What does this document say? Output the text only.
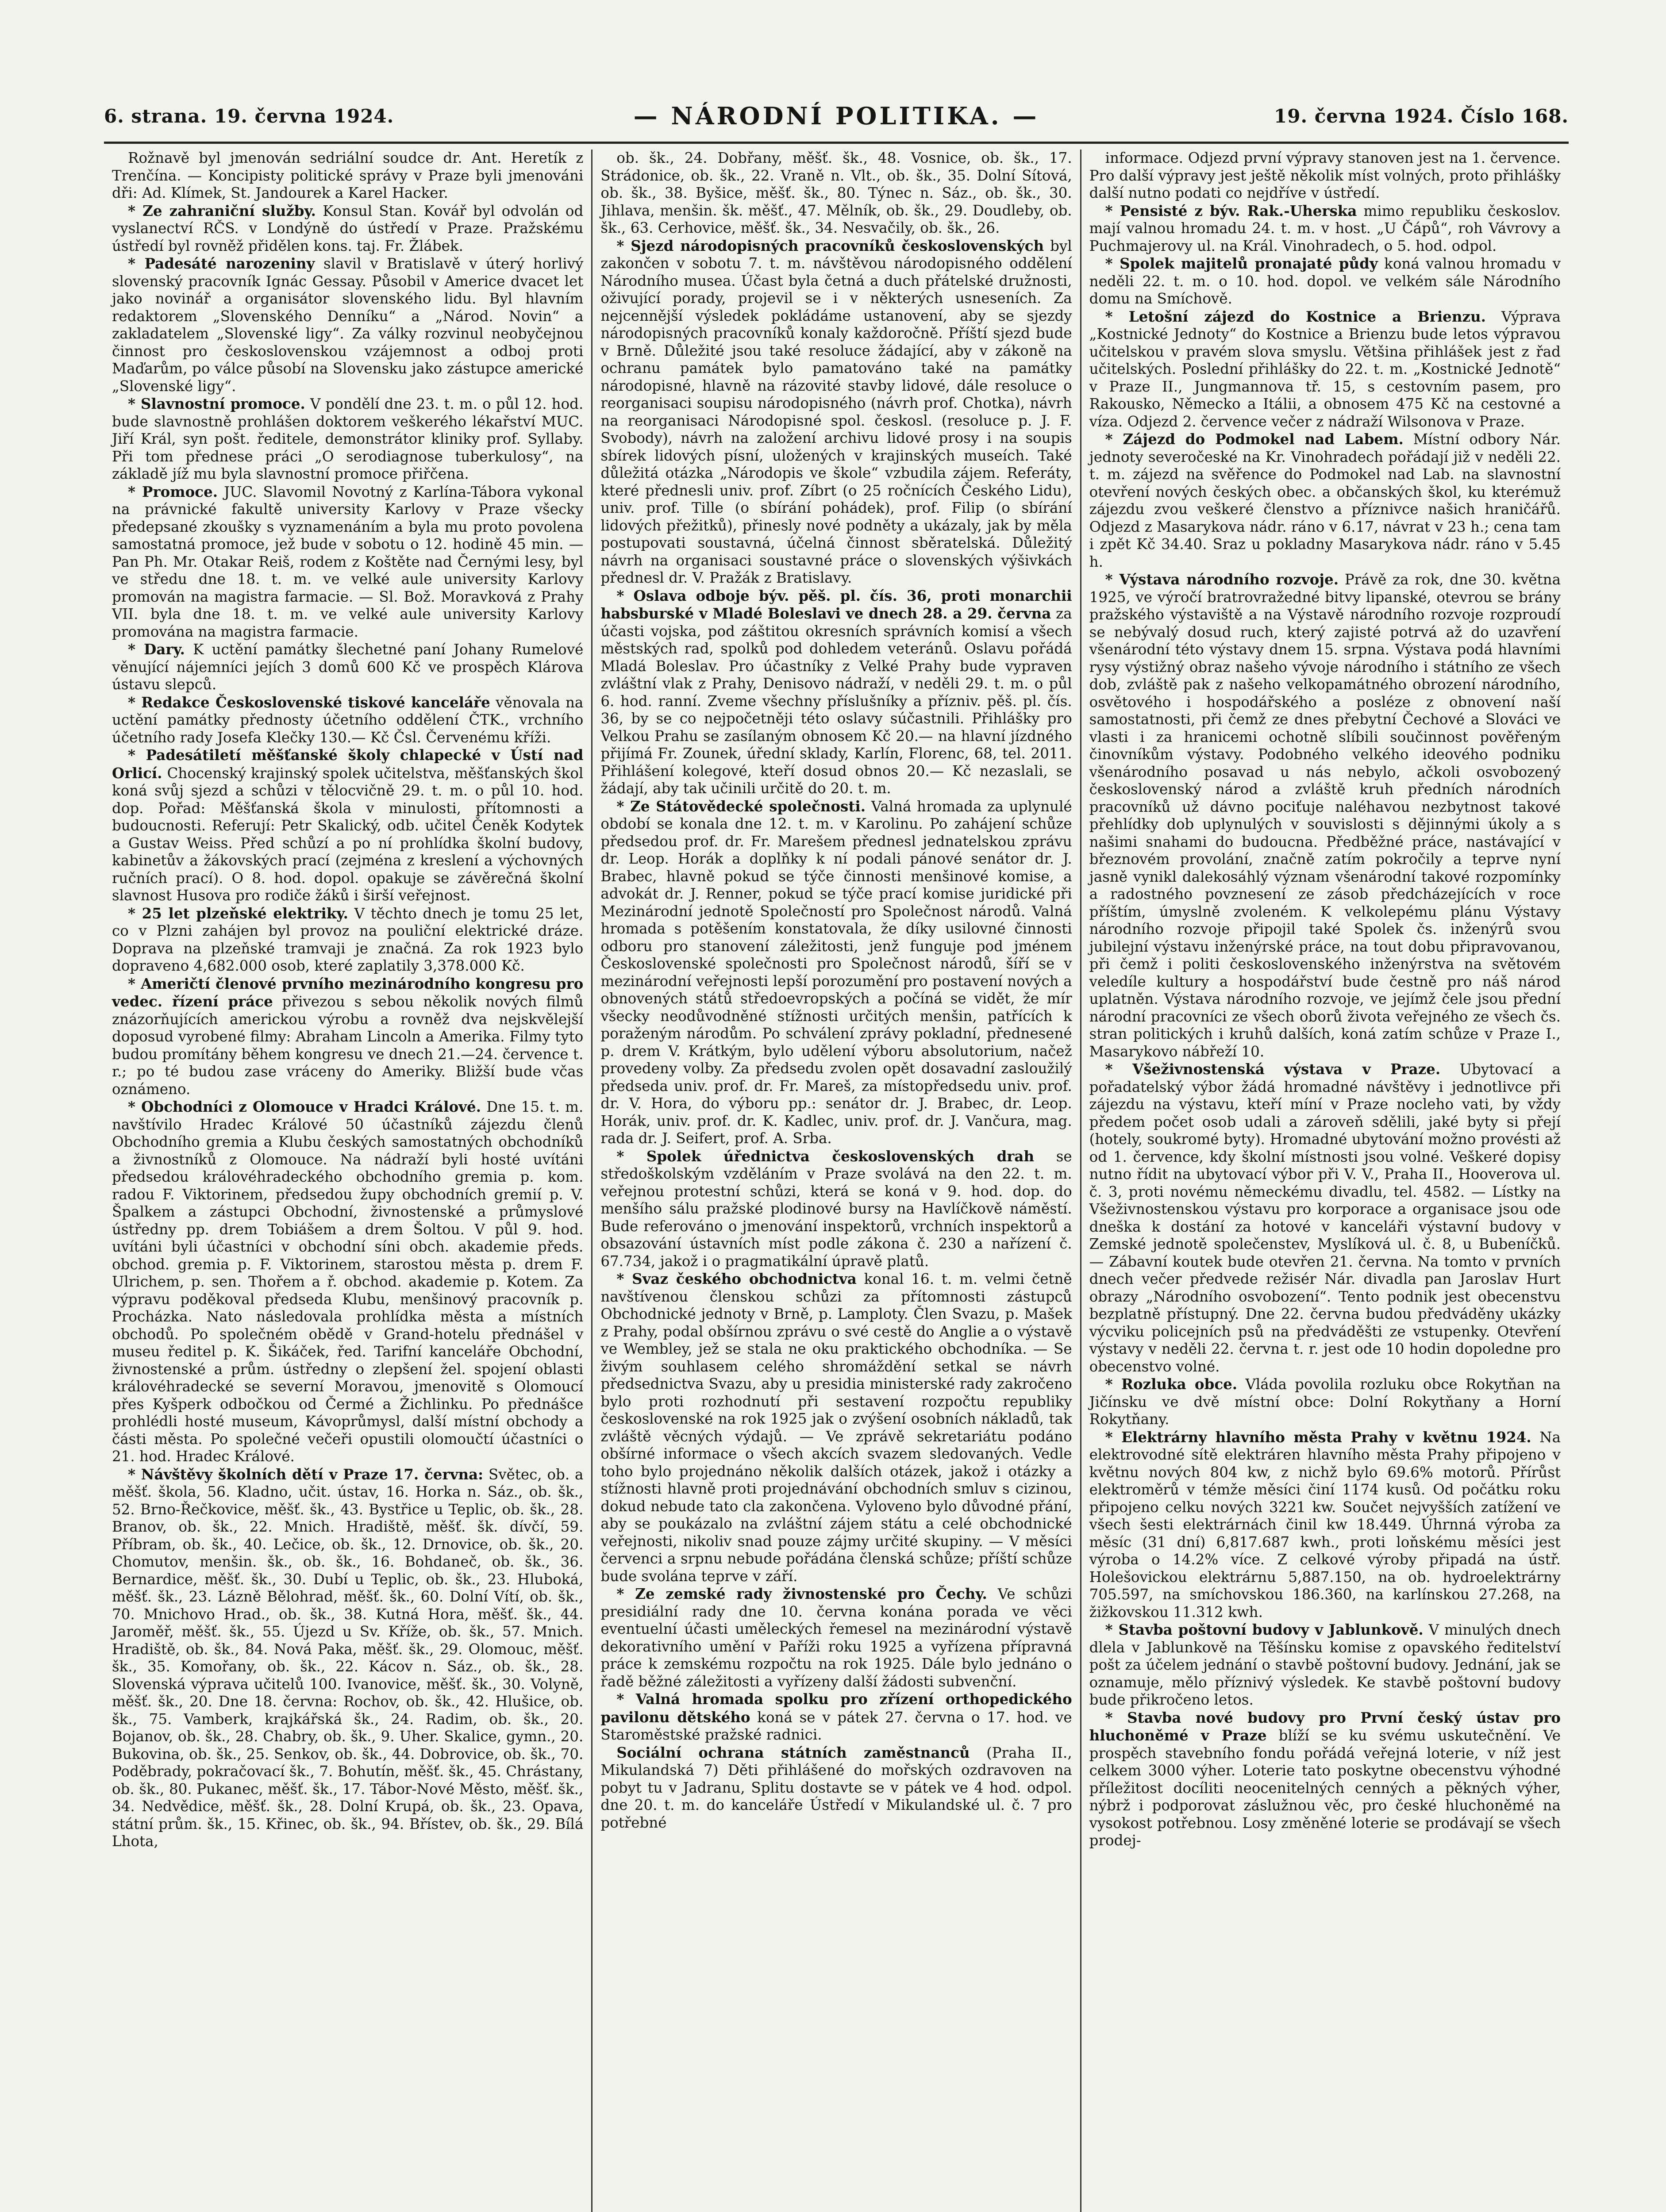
6. strana. 19. června 1924.	— NÁRODNÍ POLITIKA. —	19. června 1924. Číslo 168.

Rožnavě byl jmenován sedriální soudce dr. Ant. Heretík z Trenčína. — Koncipisty politické správy v Praze byli jmenováni dři: Ad. Klímek, St. Jandourek a Karel Hacker.

* Ze zahraniční služby. Konsul Stan. Kovář byl odvolán od vyslanectví RČS. v Londýně do ústředí v Praze. Pražskému ústředí byl rovněž přidělen kons. taj. Fr. Žlábek.

* Padesáté narozeniny slavil v Bratislavě v úterý horlivý slovenský pracovník Ignác Gessay. Působil v Americe dvacet let jako novinář a organisátor slovenského lidu. Byl hlavním redaktorem „Slovenského Denníku“ a „Národ. Novin“ a zakladatelem „Slovenské ligy“. Za války rozvinul neobyčejnou činnost pro československou vzájemnost a odboj proti Maďarům, po válce působí na Slovensku jako zástupce americké „Slovenské ligy“.

* Slavnostní promoce. V pondělí dne 23. t. m. o půl 12. hod. bude slavnostně prohlášen doktorem veškerého lékařství MUC. Jiří Král, syn pošt. ředitele, demonstrátor kliniky prof. Syllaby. Při tom přednese práci „O serodiagnose tuberkulosy“, na základě jíž mu byla slavnostní promoce přiřčena.

* Promoce. JUC. Slavomil Novotný z Karlína-Tábora vykonal na právnické fakultě university Karlovy v Praze všecky předepsané zkoušky s vyznamenáním a byla mu proto povolena samostatná promoce, jež bude v sobotu o 12. hodině 45 min. — Pan Ph. Mr. Otakar Reiš, rodem z Koštěte nad Černými lesy, byl ve středu dne 18. t. m. ve velké aule university Karlovy promován na magistra farmacie. — Sl. Bož. Moravková z Prahy VII. byla dne 18. t. m. ve velké aule university Karlovy promována na magistra farmacie.

* Dary. K uctění památky šlechetné paní Johany Rumelové věnující nájemníci jejích 3 domů 600 Kč ve prospěch Klárova ústavu slepců.

* Redakce Československé tiskové kanceláře věnovala na uctění památky přednosty účetního oddělení ČTK., vrchního účetního rady Josefa Klečky 130.— Kč Čsl. Červenému kříži.

* Padesátiletí měšťanské školy chlapecké v Ústí nad Orlicí. Chocenský krajinský spolek učitelstva, měšťanských škol koná svůj sjezd a schůzi v tělocvičně 29. t. m. o půl 10. hod. dop. Pořad: Měšťanská škola v minulosti, přítomnosti a budoucnosti. Referují: Petr Skalický, odb. učitel Čeněk Kodytek a Gustav Weiss. Před schůzí a po ní prohlídka školní budovy, kabinetův a žákovských prací (zejména z kreslení a výchovných ručních prací). O 8. hod. dopol. opakuje se závěrečná školní slavnost Husova pro rodiče žáků i širší veřejnost.

* 25 let plzeňské elektriky. V těchto dnech je tomu 25 let, co v Plzni zahájen byl provoz na pouliční elektrické dráze. Doprava na plzeňské tramvaji je značná. Za rok 1923 bylo dopraveno 4,682.000 osob, které zaplatily 3,378.000 Kč.

* Američtí členové prvního mezinárodního kongresu pro vedec. řízení práce přivezou s sebou několik nových filmů znázorňujících americkou výrobu a rovněž dva nejskvělejší doposud vyrobené filmy: Abraham Lincoln a Amerika. Filmy tyto budou promítány během kongresu ve dnech 21.—24. července t. r.; po té budou zase vráceny do Ameriky. Bližší bude včas oznámeno.

* Obchodníci z Olomouce v Hradci Králové. Dne 15. t. m. navštívilo Hradec Králové 50 účastníků zájezdu členů Obchodního gremia a Klubu českých samostatných obchodníků a živnostníků z Olomouce. Na nádraží byli hosté uvítáni předsedou královéhradeckého obchodního gremia p. kom. radou F. Viktorinem, předsedou župy obchodních gremií p. V. Špalkem a zástupci Obchodní, živnostenské a průmyslové ústředny pp. drem Tobiášem a drem Šoltou. V půl 9. hod. uvítáni byli účastníci v obchodní síni obch. akademie předs. obchod. gremia p. F. Viktorinem, starostou města p. drem F. Ulrichem, p. sen. Thořem a ř. obchod. akademie p. Kotem. Za výpravu poděkoval předseda Klubu, menšinový pracovník p. Procházka. Nato následovala prohlídka města a místních obchodů. Po společném obědě v Grand-hotelu přednášel v museu ředitel p. K. Šikáček, řed. Tarifní kanceláře Obchodní, živnostenské a prům. ústředny o zlepšení žel. spojení oblasti královéhradecké se severní Moravou, jmenovitě s Olomoucí přes Kyšperk odbočkou od Čermé a Žichlinku. Po přednášce prohlédli hosté museum, Kávoprůmysl, další místní obchody a části města. Po společné večeři opustili olomoučtí účastníci o 21. hod. Hradec Králové.

* Návštěvy školních dětí v Praze 17. června: Světec, ob. a měšť. škola, 56. Kladno, učit. ústav, 16. Horka n. Sáz., ob. šk., 52. Brno-Řečkovice, měšť. šk., 43. Bystřice u Teplic, ob. šk., 28. Branov, ob. šk., 22. Mnich. Hradiště, měšť. šk. dívčí, 59. Příbram, ob. šk., 40. Lečice, ob. šk., 12. Drnovice, ob. šk., 20. Chomutov, menšin. šk., ob. šk., 16. Bohdaneč, ob. šk., 36. Bernardice, měšť. šk., 30. Dubí u Teplic, ob. šk., 23. Hluboká, měšť. šk., 23. Lázně Bělohrad, měšť. šk., 60. Dolní Vítí, ob. šk., 70. Mnichovo Hrad., ob. šk., 38. Kutná Hora, měšť. šk., 44. Jaroměř, měšť. šk., 55. Újezd u Sv. Kříže, ob. šk., 57. Mnich. Hradiště, ob. šk., 84. Nová Paka, měšť. šk., 29. Olomouc, měšť. šk., 35. Komořany, ob. šk., 22. Kácov n. Sáz., ob. šk., 28. Slovenská výprava učitelů 100. Ivanovice, měšť. šk., 30. Volyně, měšť. šk., 20. Dne 18. června: Rochov, ob. šk., 42. Hlušice, ob. šk., 75. Vamberk, krajkářská šk., 24. Radim, ob. šk., 20. Bojanov, ob. šk., 28. Chabry, ob. šk., 9. Uher. Skalice, gymn., 20. Bukovina, ob. šk., 25. Senkov, ob. šk., 44. Dobrovice, ob. šk., 70. Poděbrady, pokračovací šk., 7. Bohutín, měšť. šk., 45. Chrástany, ob. šk., 80. Pukanec, měšť. šk., 17. Tábor-Nové Město, měšť. šk., 34. Nedvědice, měšť. šk., 28. Dolní Krupá, ob. šk., 23. Opava, státní prům. šk., 15. Křinec, ob. šk., 94. Břístev, ob. šk., 29. Bílá Lhota,

ob. šk., 24. Dobřany, měšť. šk., 48. Vosnice, ob. šk., 17. Strádonice, ob. šk., 22. Vraně n. Vlt., ob. šk., 35. Dolní Sítová, ob. šk., 38. Byšice, měšť. šk., 80. Týnec n. Sáz., ob. šk., 30. Jihlava, menšin. šk. měšť., 47. Mělník, ob. šk., 29. Doudleby, ob. šk., 63. Cerhovice, měšť. šk., 34. Nesvačily, ob. šk., 26.

* Sjezd národopisných pracovníků československých byl zakončen v sobotu 7. t. m. návštěvou národopisného oddělení Národního musea. Účast byla četná a duch přátelské družnosti, oživující porady, projevil se i v některých usneseních. Za nejcennější výsledek pokládáme ustanovení, aby se sjezdy národopisných pracovníků konaly každoročně. Příští sjezd bude v Brně. Důležité jsou také resoluce žádající, aby v zákoně na ochranu památek bylo pamatováno také na památky národopisné, hlavně na rázovité stavby lidové, dále resoluce o reorganisaci soupisu národopisného (návrh prof. Chotka), návrh na reorganisaci Národopisné spol. českosl. (resoluce p. J. F. Svobody), návrh na založení archivu lidové prosy i na soupis sbírek lidových písní, uložených v krajinských museích. Také důležitá otázka „Národopis ve škole“ vzbudila zájem. Referáty, které přednesli univ. prof. Zíbrt (o 25 ročnících Českého Lidu), univ. prof. Tille (o sbírání pohádek), prof. Filip (o sbírání lidových přežitků), přinesly nové podněty a ukázaly, jak by měla postupovati soustavná, účelná činnost sběratelská. Důležitý návrh na organisaci soustavné práce o slovenských výšivkách přednesl dr. V. Pražák z Bratislavy.

* Oslava odboje býv. pěš. pl. čís. 36, proti monarchii habsburské v Mladé Boleslavi ve dnech 28. a 29. června za účasti vojska, pod záštitou okresních správních komisí a všech městských rad, spolků pod dohledem veteránů. Oslavu pořádá Mladá Boleslav. Pro účastníky z Velké Prahy bude vypraven zvláštní vlak z Prahy, Denisovo nádraží, v neděli 29. t. m. o půl 6. hod. ranní. Zveme všechny příslušníky a přízniv. pěš. pl. čís. 36, by se co nejpočetněji této oslavy súčastnili. Přihlášky pro Velkou Prahu se zasílaným obnosem Kč 20.— na hlavní jízdného přijímá Fr. Zounek, úřední sklady, Karlín, Florenc, 68, tel. 2011. Přihlášení kolegové, kteří dosud obnos 20.— Kč nezaslali, se žádají, aby tak učinili určitě do 20. t. m.

* Ze Státovědecké společnosti. Valná hromada za uplynulé období se konala dne 12. t. m. v Karolinu. Po zahájení schůze předsedou prof. dr. Fr. Marešem přednesl jednatelskou zprávu dr. Leop. Horák a doplňky k ní podali pánové senátor dr. J. Brabec, hlavně pokud se týče činnosti menšinové komise, a advokát dr. J. Renner, pokud se týče prací komise juridické při Mezinárodní jednotě Společností pro Společnost národů. Valná hromada s potěšením konstatovala, že díky usilovné činnosti odboru pro stanovení záležitosti, jenž funguje pod jménem Československé společnosti pro Společnost národů, šíří se v mezinárodní veřejnosti lepší porozumění pro postavení nových a obnovených států středoevropských a počíná se vidět, že mír všecky neodůvodněné stížnosti určitých menšin, patřících k poraženým národům. Po schválení zprávy pokladní, přednesené p. drem V. Krátkým, bylo udělení výboru absolutorium, načež provedeny volby. Za předsedu zvolen opět dosavadní zasloužilý předseda univ. prof. dr. Fr. Mareš, za místopředsedu univ. prof. dr. V. Hora, do výboru pp.: senátor dr. J. Brabec, dr. Leop. Horák, univ. prof. dr. K. Kadlec, univ. prof. dr. J. Vančura, mag. rada dr. J. Seifert, prof. A. Srba.

* Spolek úřednictva československých drah se středoškolským vzděláním v Praze svolává na den 22. t. m. veřejnou protestní schůzi, která se koná v 9. hod. dop. do menšího sálu pražské plodinové bursy na Havlíčkově náměstí. Bude referováno o jmenování inspektorů, vrchních inspektorů a obsazování ústavních míst podle zákona č. 230 a nařízení č. 67.734, jakož i o pragmatikální úpravě platů.

* Svaz českého obchodnictva konal 16. t. m. velmi četně navštívenou členskou schůzi za přítomnosti zástupců Obchodnické jednoty v Brně, p. Lamploty. Člen Svazu, p. Mašek z Prahy, podal obšírnou zprávu o své cestě do Anglie a o výstavě ve Wembley, jež se stala ne oku praktického obchodníka. — Se živým souhlasem celého shromáždění setkal se návrh předsednictva Svazu, aby u presidia ministerské rady zakročeno bylo proti rozhodnutí při sestavení rozpočtu republiky československé na rok 1925 jak o zvýšení osobních nákladů, tak zvláště věcných výdajů. — Ve zprávě sekretariátu podáno obšírné informace o všech akcích svazem sledovaných. Vedle toho bylo projednáno několik dalších otázek, jakož i otázky a stížnosti hlavně proti projednávání obchodních smluv s cizinou, dokud nebude tato cla zakončena. Vyloveno bylo důvodné přání, aby se poukázalo na zvláštní zájem státu a celé obchodnické veřejnosti, nikoliv snad pouze zájmy určité skupiny. — V měsíci červenci a srpnu nebude pořádána členská schůze; příští schůze bude svolána teprve v září.

* Ze zemské rady živnostenské pro Čechy. Ve schůzi presidiální rady dne 10. června konána porada ve věci eventuelní účasti uměleckých řemesel na mezinárodní výstavě dekorativního umění v Paříži roku 1925 a vyřízena přípravná práce k zemskému rozpočtu na rok 1925. Dále bylo jednáno o řadě běžné záležitosti a vyřízeny další žádosti subvenční.

* Valná hromada spolku pro zřízení orthopedického pavilonu dětského koná se v pátek 27. června o 17. hod. ve Staroměstské pražské radnici.

Sociální ochrana státních zaměstnanců (Praha II., Mikulandská 7) Děti přihlášené do mořských ozdravoven na pobyt tu v Jadranu, Splitu dostavte se v pátek ve 4 hod. odpol. dne 20. t. m. do kanceláře Ústředí v Mikulandské ul. č. 7 pro potřebné

informace. Odjezd první výpravy stanoven jest na 1. července. Pro další výpravy jest ještě několik míst volných, proto přihlášky další nutno podati co nejdříve v ústředí.

* Pensisté z býv. Rak.-Uherska mimo republiku českoslov. mají valnou hromadu 24. t. m. v host. „U Čápů“, roh Vávrovy a Puchmajerovy ul. na Král. Vinohradech, o 5. hod. odpol.

* Spolek majitelů pronajaté půdy koná valnou hromadu v neděli 22. t. m. o 10. hod. dopol. ve velkém sále Národního domu na Smíchově.

* Letošní zájezd do Kostnice a Brienzu. Výprava „Kostnické Jednoty“ do Kostnice a Brienzu bude letos výpravou učitelskou v pravém slova smyslu. Většina přihlášek jest z řad učitelských. Poslední přihlášky do 22. t. m. „Kostnické Jednotě“ v Praze II., Jungmannova tř. 15, s cestovním pasem, pro Rakousko, Německo a Itálii, a obnosem 475 Kč na cestovné a víza. Odjezd 2. července večer z nádraží Wilsonova v Praze.

* Zájezd do Podmokel nad Labem. Místní odbory Nár. jednoty severočeské na Kr. Vinohradech pořádají již v neděli 22. t. m. zájezd na svěřence do Podmokel nad Lab. na slavnostní otevření nových českých obec. a občanských škol, ku kterémuž zájezdu zvou veškeré členstvo a příznivce našich hraničářů. Odjezd z Masarykova nádr. ráno v 6.17, návrat v 23 h.; cena tam i zpět Kč 34.40. Sraz u pokladny Masarykova nádr. ráno v 5.45 h.

* Výstava národního rozvoje. Právě za rok, dne 30. května 1925, ve výročí bratrovražedné bitvy lipanské, otevrou se brány pražského výstaviště a na Výstavě národního rozvoje rozproudí se nebývalý dosud ruch, který zajisté potrvá až do uzavření všenárodní této výstavy dnem 15. srpna. Výstava podá hlavními rysy výstižný obraz našeho vývoje národního i státního ze všech dob, zvláště pak z našeho velkopamátného obrození národního, osvětového i hospodářského a posléze z obnovení naší samostatnosti, při čemž ze dnes přebytní Čechové a Slováci ve vlasti i za hranicemi ochotně slíbili součinnost pověřeným činovníkům výstavy. Podobného velkého ideového podniku všenárodního posavad u nás nebylo, ačkoli osvobozený československý národ a zvláště kruh předních národních pracovníků už dávno pociťuje naléhavou nezbytnost takové přehlídky dob uplynulých v souvislosti s dějinnými úkoly a s našimi snahami do budoucna. Předběžné práce, nastávající v březnovém provolání, značně zatím pokročily a teprve nyní jasně vynikl dalekosáhlý význam všenárodní takové rozpomínky a radostného povznesení ze zásob předcházejících v roce příštím, úmyslně zvoleném. K velkolepému plánu Výstavy národního rozvoje připojil také Spolek čs. inženýrů svou jubilejní výstavu inženýrské práce, na tout dobu připravovanou, při čemž i politi československého inženýrstva na světovém veledíle kultury a hospodářství bude čestně pro náš národ uplatněn. Výstava národního rozvoje, ve jejímž čele jsou přední národní pracovníci ze všech oborů života veřejného ze všech čs. stran politických i kruhů dalších, koná zatím schůze v Praze I., Masarykovo nábřeží 10.

* Všeživnostenská výstava v Praze. Ubytovací a pořadatelský výbor žádá hromadné návštěvy i jednotlivce při zájezdu na výstavu, kteří míní v Praze nocleho vati, by vždy předem počet osob udali a zároveň sdělili, jaké byty si přejí (hotely, soukromé byty). Hromadné ubytování možno provésti až od 1. července, kdy školní místnosti jsou volné. Veškeré dopisy nutno řídit na ubytovací výbor při V. V., Praha II., Hooverova ul. č. 3, proti novému německému divadlu, tel. 4582. — Lístky na Všeživnostenskou výstavu pro korporace a organisace jsou ode dneška k dostání za hotové v kanceláři výstavní budovy v Zemské jednotě společenstev, Myslíková ul. č. 8, u Bubeníčků. — Zábavní koutek bude otevřen 21. června. Na tomto v prvních dnech večer předvede režisér Nár. divadla pan Jaroslav Hurt obrazy „Národního osvobození“. Tento podnik jest obecenstvu bezplatně přístupný. Dne 22. června budou předváděny ukázky výcviku policejních psů na předváděšti ze vstupenky. Otevření výstavy v neděli 22. června t. r. jest ode 10 hodin dopoledne pro obecenstvo volné.

* Rozluka obce. Vláda povolila rozluku obce Rokytňan na Jičínsku ve dvě místní obce: Dolní Rokytňany a Horní Rokytňany.

* Elektrárny hlavního města Prahy v květnu 1924. Na elektrovodné sítě elektráren hlavního města Prahy připojeno v květnu nových 804 kw, z nichž bylo 69.6% motorů. Přírůst elektroměrů v témže měsíci činí 1174 kusů. Od počátku roku připojeno celku nových 3221 kw. Součet nejvyšších zatížení ve všech šesti elektrárnách činil kw 18.449. Úhrnná výroba za měsíc (31 dní) 6,817.687 kwh., proti loňskému měsíci jest výroba o 14.2% více. Z celkové výroby připadá na ústř. Holešovickou elektrárnu 5,887.150, na ob. hydroelektrárny 705.597, na smíchovskou 186.360, na karlínskou 27.268, na žižkovskou 11.312 kwh.

* Stavba poštovní budovy v Jablunkově. V minulých dnech dlela v Jablunkově na Těšínsku komise z opavského ředitelství pošt za účelem jednání o stavbě poštovní budovy. Jednání, jak se oznamuje, mělo příznivý výsledek. Ke stavbě poštovní budovy bude přikročeno letos.

* Stavba nové budovy pro První český ústav pro hluchoněmé v Praze blíží se ku svému uskutečnění. Ve prospěch stavebního fondu pořádá veřejná loterie, v níž jest celkem 3000 výher. Loterie tato poskytne obecenstvu výhodné příležitost docíliti neocenitelných cenných a pěkných výher, nýbrž i podporovat záslužnou věc, pro české hluchoněmé na vysokost potřebnou. Losy změněné loterie se prodávají se všech prodej-
